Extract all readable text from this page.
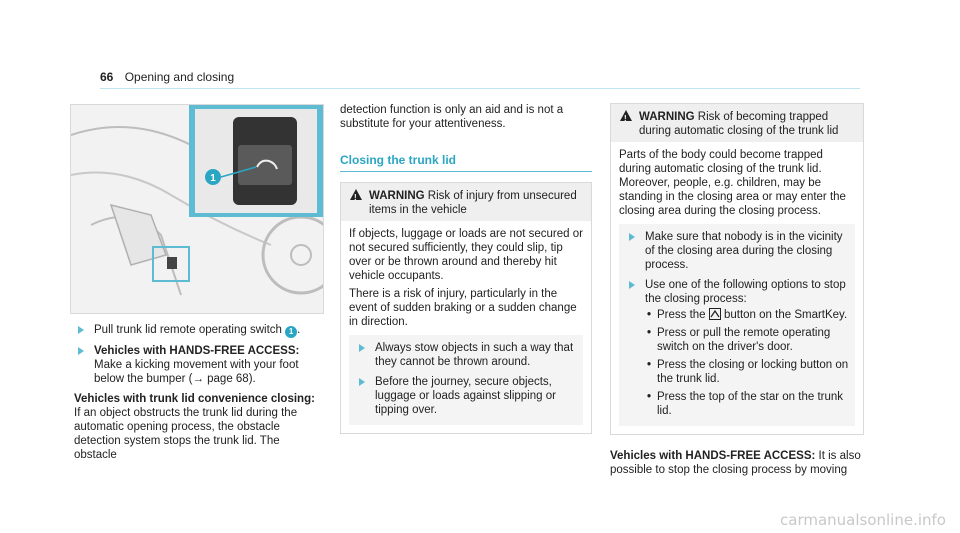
66 Opening and closing
1
Pull trunk lid remote operating switch 1 .
Vehicles with HANDS-FREE ACCESS: Make a kicking movement with your foot below the bumper (→ page 68).
Vehicles with trunk lid convenience closing: If an object obstructs the trunk lid during the automatic opening process, the obstacle detection system stops the trunk lid. The obstacle
detection function is only an aid and is not a substitute for your attentiveness.
Closing the trunk lid
!
WARNING Risk of injury from unsecured items in the vehicle

If objects, luggage or loads are not secured or not secured sufficiently, they could slip, tip over or be thrown around and thereby hit vehicle occupants.

There is a risk of injury, particularly in the event of sudden braking or a sudden change in direction.

Always stow objects in such a way that they cannot be thrown around.
Before the journey, secure objects, luggage or loads against slipping or tipping over.
!
WARNING Risk of becoming trapped during automatic closing of the trunk lid

Parts of the body could become trapped during automatic closing of the trunk lid. Moreover, people, e.g. children, may be standing in the closing area or may enter the closing area during the closing process.

Make sure that nobody is in the vicinity of the closing area during the closing process.
Use one of the following options to stop the closing process:
• Press the button on the SmartKey.
• Press or pull the remote operating switch on the driver's door.
• Press the closing or locking button on the trunk lid.
• Press the top of the star on the trunk lid.
Vehicles with HANDS-FREE ACCESS: It is also possible to stop the closing process by moving
carmanualsonline.info
